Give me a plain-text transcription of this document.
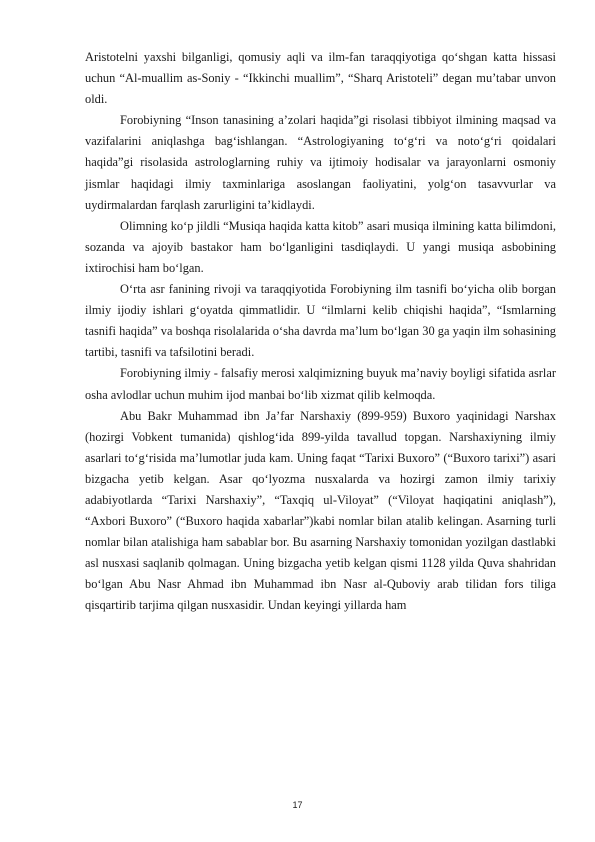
Aristotelni yaxshi bilganligi, qomusiy aqli va ilm-fan taraqqiyotiga qo‘shgan katta hissasi uchun “Al-muallim as-Soniy - “Ikkinchi muallim”, “Sharq Aristoteli” degan mu’tabar unvon oldi.

Forobiyning “Inson tanasining a’zolari haqida”gi risolasi tibbiyot ilmining maqsad va vazifalarini aniqlashga bag‘ishlangan. “Astrologiyaning to‘g‘ri va noto‘g‘ri qoidalari haqida”gi risolasida astrologlarning ruhiy va ijtimoiy hodisalar va jarayonlarni osmoniy jismlar haqidagi ilmiy taxminlariga asoslangan faoliyatini, yolg‘on tasavvurlar va uydirmalardan farqlash zarurligini ta’kidlaydi.

Olimning ko‘p jildli “Musiqa haqida katta kitob” asari musiqa ilmining katta bilimdoni, sozanda va ajoyib bastakor ham bo‘lganligini tasdiqlaydi. U yangi musiqa asbobining ixtirochisi ham bo‘lgan.

O‘rta asr fanining rivoji va taraqqiyotida Forobiyning ilm tasnifi bo‘yicha olib borgan ilmiy ijodiy ishlari g‘oyatda qimmatlidir. U “ilmlarni kelib chiqishi haqida”, “Ismlarning tasnifi haqida” va boshqa risolalarida o‘sha davrda ma’lum bo‘lgan 30 ga yaqin ilm sohasining tartibi, tasnifi va tafsilotini beradi.

Forobiyning ilmiy - falsafiy merosi xalqimizning buyuk ma’naviy boyligi sifatida asrlar osha avlodlar uchun muhim ijod manbai bo‘lib xizmat qilib kelmoqda.

Abu Bakr Muhammad ibn Ja’far Narshaxiy (899-959) Buxoro yaqinidagi Narshax (hozirgi Vobkent tumanida) qishlog‘ida 899-yilda tavallud topgan. Narshaxiyning ilmiy asarlari to‘g‘risida ma’lumotlar juda kam. Uning faqat “Tarixi Buxoro” (“Buxoro tarixi”) asari bizgacha yetib kelgan. Asar qo‘lyozma nusxalarda va hozirgi zamon ilmiy tarixiy adabiyotlarda “Tarixi Narshaxiy”, “Taxqiq ul-Viloyat” (“Viloyat haqiqatini aniqlash”), “Axbori Buxoro” (“Buxoro haqida xabarlar”)kabi nomlar bilan atalib kelingan. Asarning turli nomlar bilan atalishiga ham sabablar bor. Bu asarning Narshaxiy tomonidan yozilgan dastlabki asl nusxasi saqlanib qolmagan. Uning bizgacha yetib kelgan qismi 1128 yilda Quva shahridan bo‘lgan Abu Nasr Ahmad ibn Muhammad ibn Nasr al-Quboviy arab tilidan fors tiliga qisqartirib tarjima qilgan nusxasidir. Undan keyingi yillarda ham

17
